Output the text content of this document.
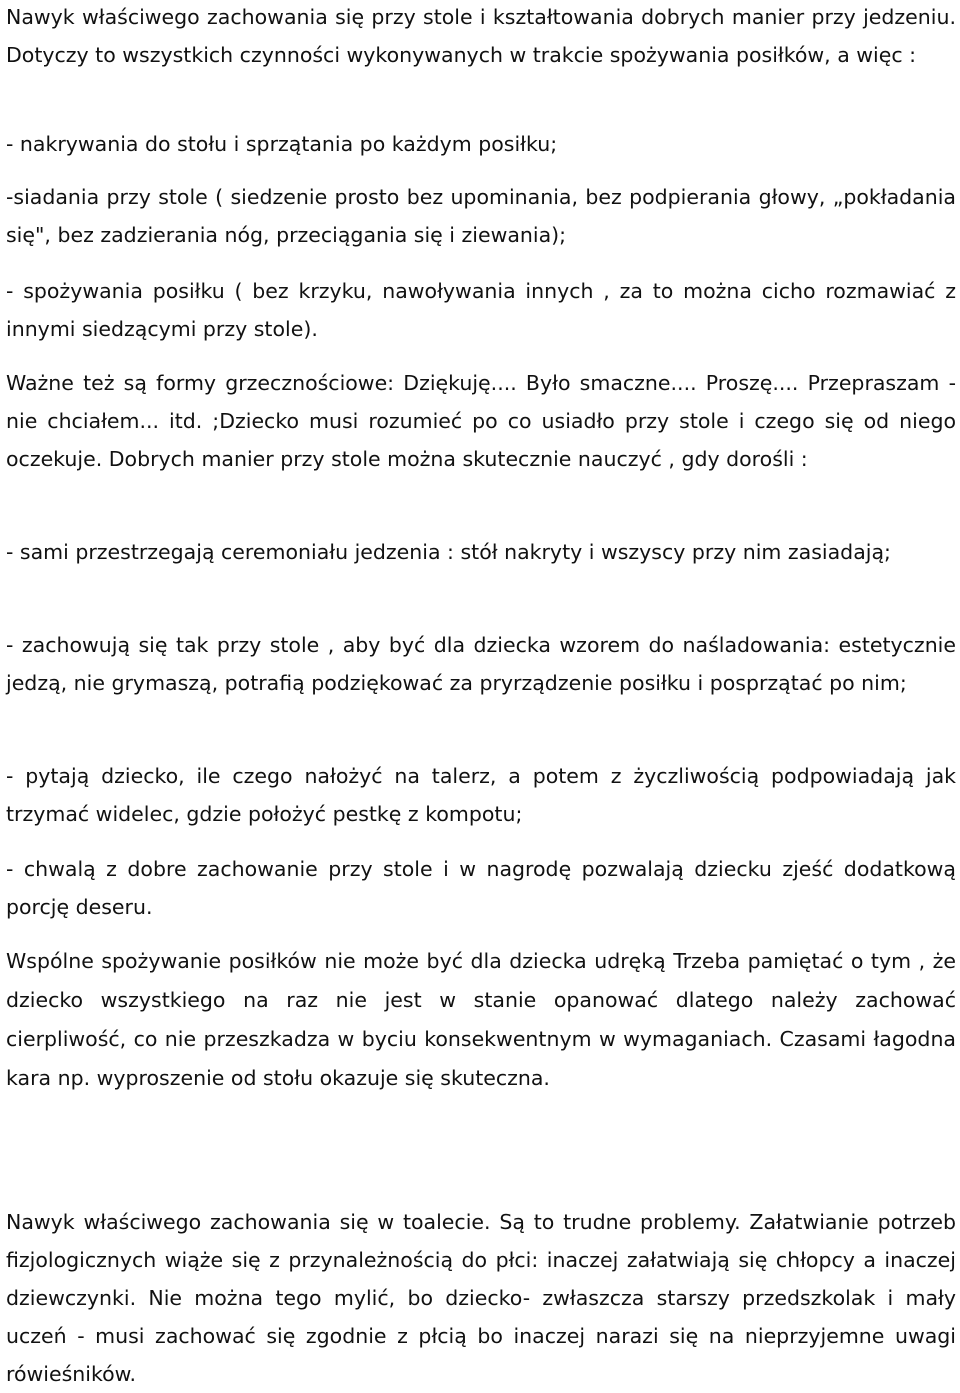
Nawyk właściwego zachowania się przy stole i kształtowania dobrych manier przy jedzeniu. Dotyczy to wszystkich czynności wykonywanych w trakcie spożywania posiłków, a więc :

- nakrywania do stołu i sprzątania po każdym posiłku;

-siadania przy stole ( siedzenie prosto bez upominania, bez podpierania głowy, „pokładania się", bez zadzierania nóg, przeciągania się i ziewania);

- spożywania posiłku ( bez krzyku, nawoływania innych , za to można cicho rozmawiać z innymi siedzącymi przy stole).

Ważne też są formy grzecznościowe: Dziękuję.... Było smaczne.... Proszę.... Przepraszam - nie chciałem... itd. ;Dziecko musi rozumieć po co usiadło przy stole i czego się od niego oczekuje. Dobrych manier przy stole można skutecznie nauczyć , gdy dorośli :

- sami przestrzegają ceremoniału jedzenia : stół nakryty i wszyscy przy nim zasiadają;

- zachowują się tak przy stole , aby być dla dziecka wzorem do naśladowania: estetycznie jedzą, nie grymaszą, potrafią podziękować za pryrządzenie posiłku i posprzątać po nim;

- pytają dziecko, ile czego nałożyć na talerz, a potem z życzliwością podpowiadają jak trzymać widelec, gdzie położyć pestkę z kompotu;

- chwalą z dobre zachowanie przy stole i w nagrodę pozwalają dziecku zjeść dodatkową porcję deseru.

Wspólne spożywanie posiłków nie może być dla dziecka udręką Trzeba pamiętać o tym , że dziecko wszystkiego na raz nie jest w stanie opanować dlatego należy zachować cierpliwość, co nie przeszkadza w byciu konsekwentnym w wymaganiach. Czasami łagodna kara np. wyproszenie od stołu okazuje się skuteczna.

Nawyk właściwego zachowania się w toalecie. Są to trudne problemy. Załatwianie potrzeb fizjologicznych wiąże się z przynależnością do płci: inaczej załatwiają się chłopcy a inaczej dziewczynki. Nie można tego mylić, bo dziecko- zwłaszcza starszy przedszkolak i mały uczeń - musi zachować się zgodnie z płcią bo inaczej narazi się na nieprzyjemne uwagi rówieśników.
